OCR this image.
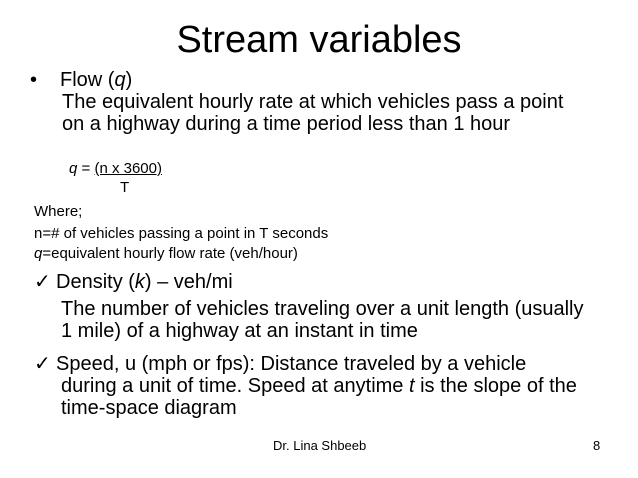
Stream variables
• Flow (q)
The equivalent hourly rate at which vehicles pass a point
on a highway during a time period less than 1 hour
q = (n x 3600)
T
Where;
n=# of vehicles passing a point in T seconds
q=equivalent hourly flow rate (veh/hour)
✓ Density (k) – veh/mi
The number of vehicles traveling over a unit length (usually
1 mile) of a highway at an instant in time
✓ Speed, u (mph or fps): Distance traveled by a vehicle
during a unit of time. Speed at anytime t is the slope of the
time-space diagram
Dr. Lina Shbeeb	8
